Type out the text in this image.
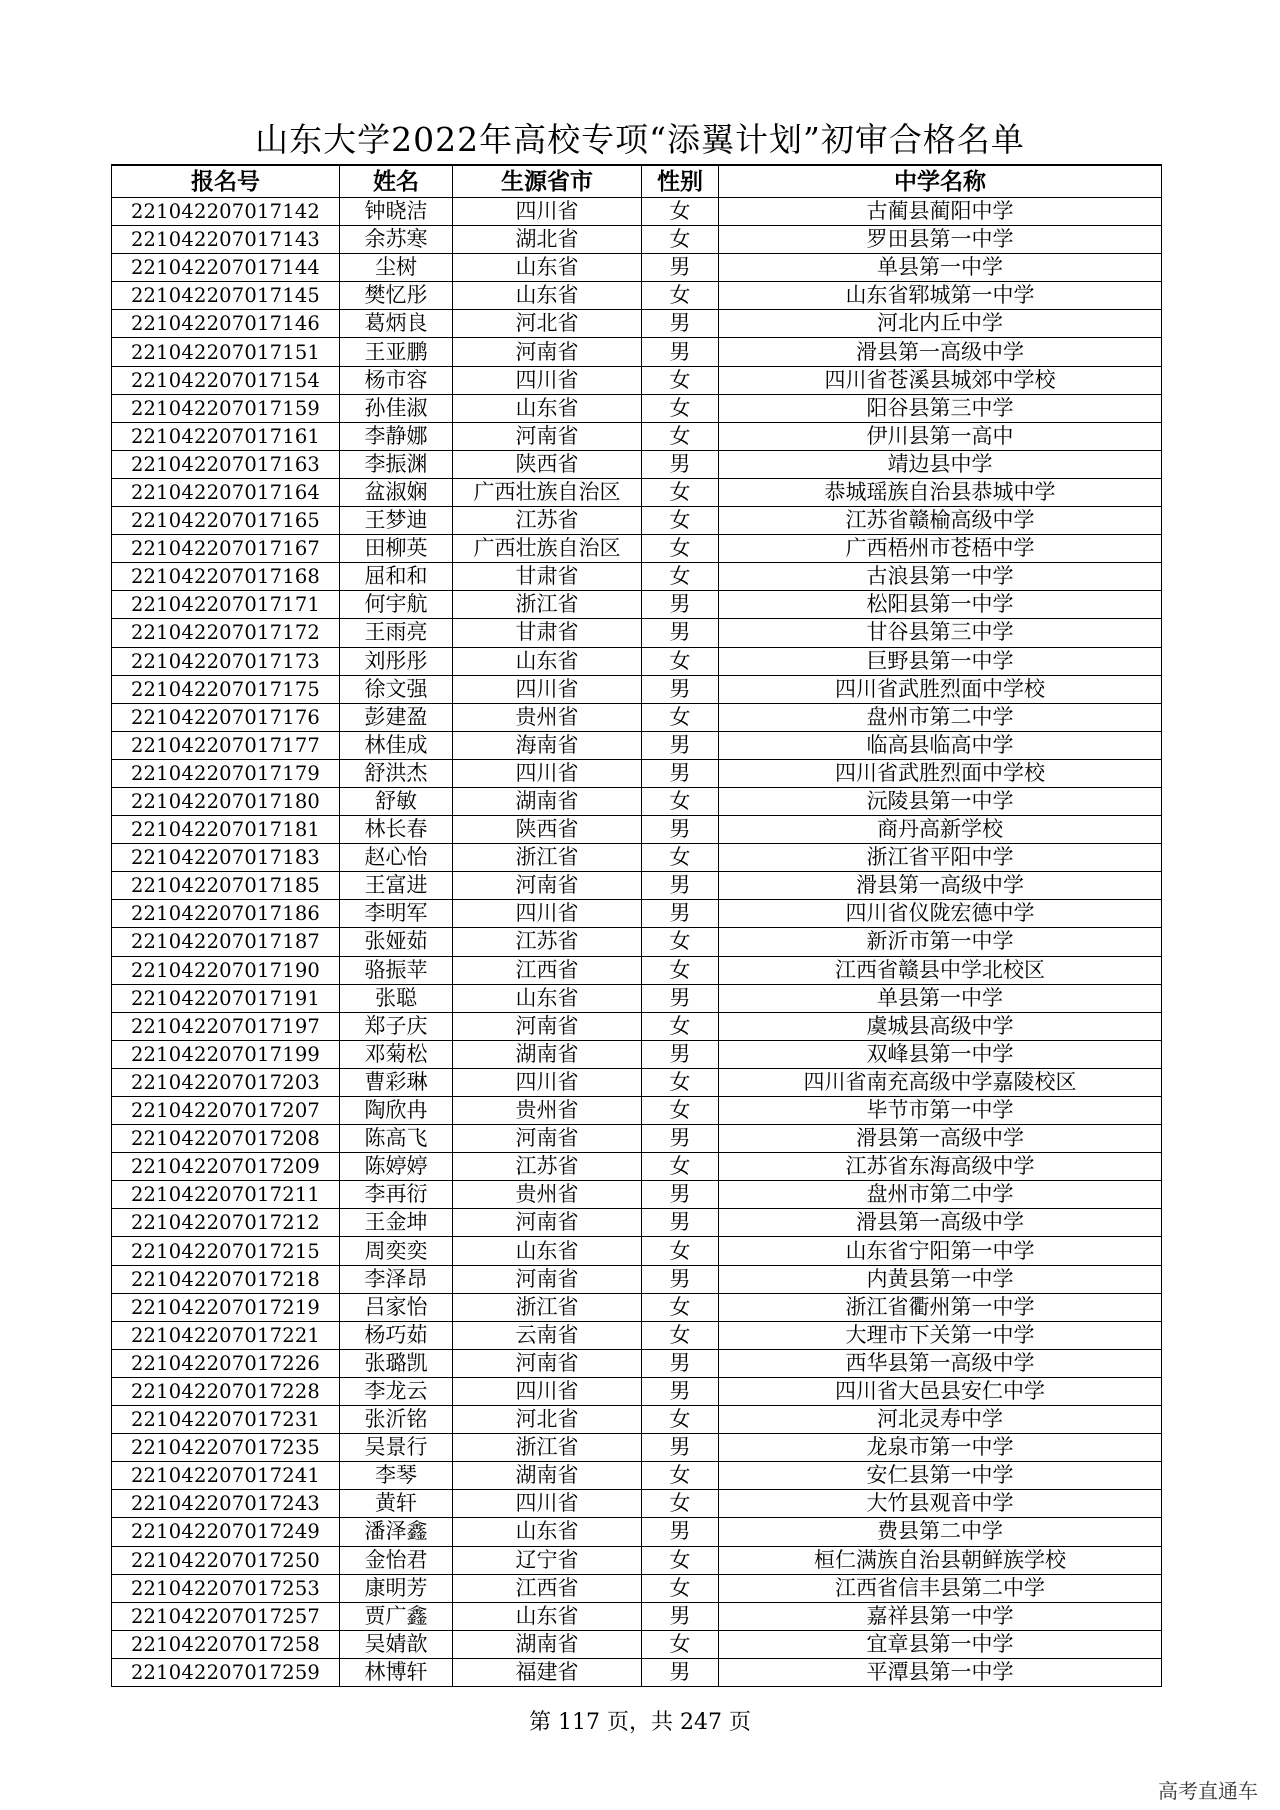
山东大学2022年高校专项“添翼计划”初审合格名单
报名号	姓名	生源省市	性别	中学名称
221042207017142	钟晓洁	四川省	女	古蔺县蔺阳中学
221042207017143	余苏寒	湖北省	女	罗田县第一中学
221042207017144	尘树	山东省	男	单县第一中学
221042207017145	樊忆彤	山东省	女	山东省郓城第一中学
221042207017146	葛炳良	河北省	男	河北内丘中学
221042207017151	王亚鹏	河南省	男	滑县第一高级中学
221042207017154	杨市容	四川省	女	四川省苍溪县城郊中学校
221042207017159	孙佳淑	山东省	女	阳谷县第三中学
221042207017161	李静娜	河南省	女	伊川县第一高中
221042207017163	李振渊	陕西省	男	靖边县中学
221042207017164	盆淑娴	广西壮族自治区	女	恭城瑶族自治县恭城中学
221042207017165	王梦迪	江苏省	女	江苏省赣榆高级中学
221042207017167	田柳英	广西壮族自治区	女	广西梧州市苍梧中学
221042207017168	屈和和	甘肃省	女	古浪县第一中学
221042207017171	何宇航	浙江省	男	松阳县第一中学
221042207017172	王雨亮	甘肃省	男	甘谷县第三中学
221042207017173	刘彤彤	山东省	女	巨野县第一中学
221042207017175	徐文强	四川省	男	四川省武胜烈面中学校
221042207017176	彭建盈	贵州省	女	盘州市第二中学
221042207017177	林佳成	海南省	男	临高县临高中学
221042207017179	舒洪杰	四川省	男	四川省武胜烈面中学校
221042207017180	舒敏	湖南省	女	沅陵县第一中学
221042207017181	林长春	陕西省	男	商丹高新学校
221042207017183	赵心怡	浙江省	女	浙江省平阳中学
221042207017185	王富进	河南省	男	滑县第一高级中学
221042207017186	李明军	四川省	男	四川省仪陇宏德中学
221042207017187	张娅茹	江苏省	女	新沂市第一中学
221042207017190	骆振苹	江西省	女	江西省赣县中学北校区
221042207017191	张聪	山东省	男	单县第一中学
221042207017197	郑子庆	河南省	女	虞城县高级中学
221042207017199	邓菊松	湖南省	男	双峰县第一中学
221042207017203	曹彩琳	四川省	女	四川省南充高级中学嘉陵校区
221042207017207	陶欣冉	贵州省	女	毕节市第一中学
221042207017208	陈高飞	河南省	男	滑县第一高级中学
221042207017209	陈婷婷	江苏省	女	江苏省东海高级中学
221042207017211	李再衍	贵州省	男	盘州市第二中学
221042207017212	王金坤	河南省	男	滑县第一高级中学
221042207017215	周奕奕	山东省	女	山东省宁阳第一中学
221042207017218	李泽昂	河南省	男	内黄县第一中学
221042207017219	吕家怡	浙江省	女	浙江省衢州第一中学
221042207017221	杨巧茹	云南省	女	大理市下关第一中学
221042207017226	张璐凯	河南省	男	西华县第一高级中学
221042207017228	李龙云	四川省	男	四川省大邑县安仁中学
221042207017231	张沂铭	河北省	女	河北灵寿中学
221042207017235	吴景行	浙江省	男	龙泉市第一中学
221042207017241	李琴	湖南省	女	安仁县第一中学
221042207017243	黄轩	四川省	女	大竹县观音中学
221042207017249	潘泽鑫	山东省	男	费县第二中学
221042207017250	金怡君	辽宁省	女	桓仁满族自治县朝鲜族学校
221042207017253	康明芳	江西省	女	江西省信丰县第二中学
221042207017257	贾广鑫	山东省	男	嘉祥县第一中学
221042207017258	吴婧歆	湖南省	女	宜章县第一中学
221042207017259	林博轩	福建省	男	平潭县第一中学
第 117 页，共 247 页
高考直通车
